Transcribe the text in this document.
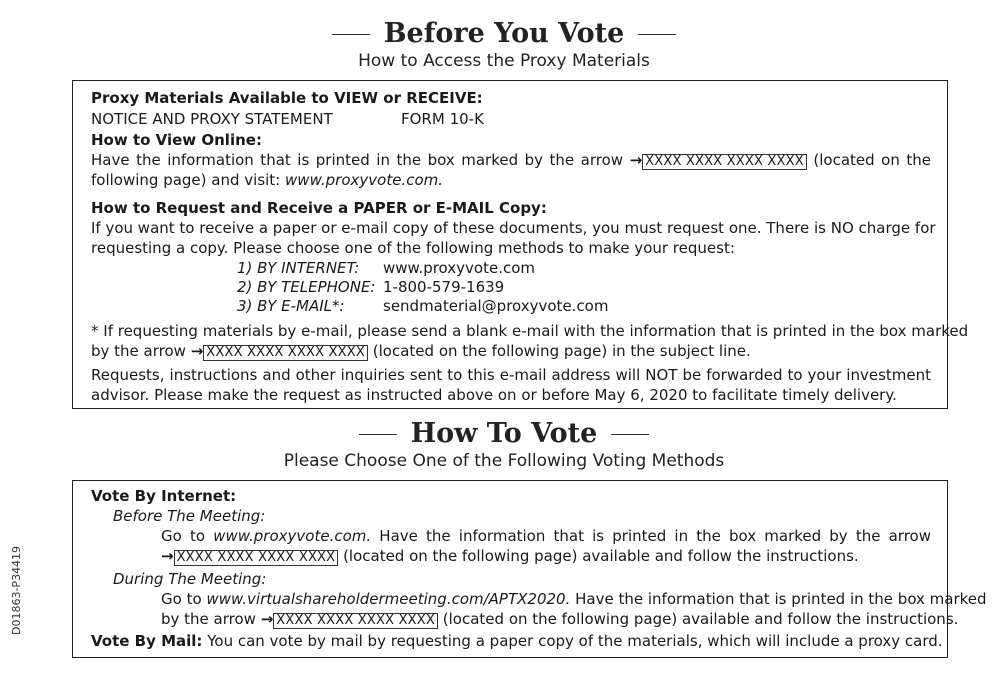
Before You Vote
How to Access the Proxy Materials
Proxy Materials Available to VIEW or RECEIVE:
NOTICE AND PROXY STATEMENT	FORM 10-K
How to View Online:
Have the information that is printed in the box marked by the arrow → XXXX XXXX XXXX XXXX (located on the
following page) and visit: www.proxyvote.com.
How to Request and Receive a PAPER or E-MAIL Copy:
If you want to receive a paper or e-mail copy of these documents, you must request one. There is NO charge for
requesting a copy. Please choose one of the following methods to make your request:
1) BY INTERNET: www.proxyvote.com
2) BY TELEPHONE: 1-800-579-1639
3) BY E-MAIL*:	sendmaterial@proxyvote.com
* If requesting materials by e-mail, please send a blank e-mail with the information that is printed in the box marked
by the arrow → XXXX XXXX XXXX XXXX (located on the following page) in the subject line.
Requests, instructions and other inquiries sent to this e-mail address will NOT be forwarded to your investment
advisor. Please make the request as instructed above on or before May 6, 2020 to facilitate timely delivery.
How To Vote
Please Choose One of the Following Voting Methods
Vote By Internet:
Before The Meeting:
Go to www.proxyvote.com. Have the information that is printed in the box marked by the arrow
→ XXXX XXXX XXXX XXXX (located on the following page) available and follow the instructions.
During The Meeting:
Go to www.virtualshareholdermeeting.com/APTX2020. Have the information that is printed in the box marked
by the arrow → XXXX XXXX XXXX XXXX (located on the following page) available and follow the instructions.
Vote By Mail: You can vote by mail by requesting a paper copy of the materials, which will include a proxy card.
D01863-P34419
